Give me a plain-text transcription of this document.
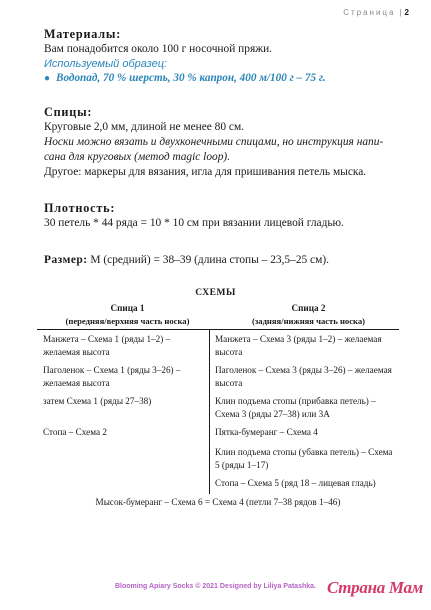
Страница | 2

Материалы:

Вам понадобится около 100 г носочной пряжи.

Используемый образец:
● Водопад, 70 % шерсть, 30 % капрон, 400 м/100 г – 75 г.

Спицы:

Круговые 2,0 мм, длиной не менее 80 см.

Носки можно вязать и двухконечными спицами, но инструкция напи-

сана для круговых (метод magic loop).

Другое: маркеры для вязания, игла для пришивания петель мыска.

Плотность:

30 петель * 44 ряда = 10 * 10 см при вязании лицевой гладью.

Размер: M (средний) = 38–39 (длина стопы – 23,5–25 см).
СХЕМЫ
Спица 1
(передняя/верхняя часть носка)
Спица 2
(задняя/нижняя часть носка)
Манжета – Схема 1 (ряды 1–2) – желаемая высота
Паголенок – Схема 1 (ряды 3–26) – желаемая высота
затем Схема 1 (ряды 27–38)
Стопа – Схема 2
Манжета – Схема 3 (ряды 1–2) – желаемая высота
Паголенок – Схема 3 (ряды 3–26) – желаемая высота
Клин подъема стопы (прибавка петель) – Схема 3 (ряды 27–38) или 3А
Пятка-бумеранг – Схема 4
Клин подъема стопы (убавка петель) – Схема 5 (ряды 1–17)
Стопа – Схема 5 (ряд 18 – лицевая гладь)
Мысок-бумеранг – Схема 6 = Схема 4 (петли 7–38 рядов 1–46)
Blooming Apiary Socks © 2021 Designed by Liliya Patashka. Страна Мам
